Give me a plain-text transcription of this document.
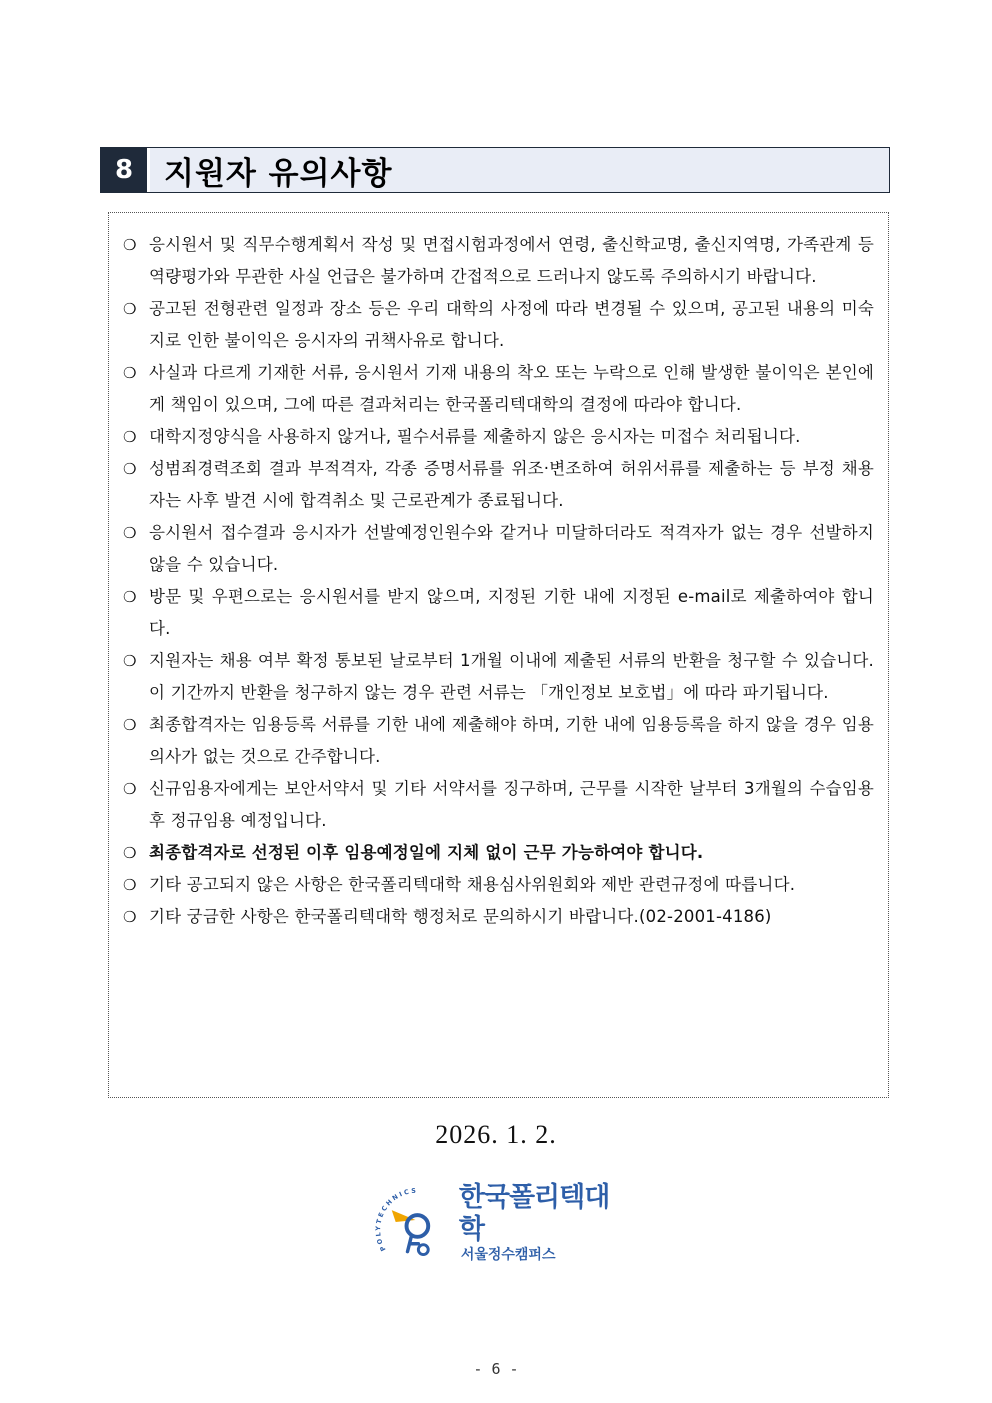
8 지원자 유의사항
❍ 응시원서 및 직무수행계획서 작성 및 면접시험과정에서 연령, 출신학교명, 출신지역명, 가족관계 등 역량평가와 무관한 사실 언급은 불가하며 간접적으로 드러나지 않도록 주의하시기 바랍니다.
❍ 공고된 전형관련 일정과 장소 등은 우리 대학의 사정에 따라 변경될 수 있으며, 공고된 내용의 미숙지로 인한 불이익은 응시자의 귀책사유로 합니다.
❍ 사실과 다르게 기재한 서류, 응시원서 기재 내용의 착오 또는 누락으로 인해 발생한 불이익은 본인에게 책임이 있으며, 그에 따른 결과처리는 한국폴리텍대학의 결정에 따라야 합니다.
❍ 대학지정양식을 사용하지 않거나, 필수서류를 제출하지 않은 응시자는 미접수 처리됩니다.
❍ 성범죄경력조회 결과 부적격자, 각종 증명서류를 위조·변조하여 허위서류를 제출하는 등 부정 채용자는 사후 발견 시에 합격취소 및 근로관계가 종료됩니다.
❍ 응시원서 접수결과 응시자가 선발예정인원수와 같거나 미달하더라도 적격자가 없는 경우 선발하지 않을 수 있습니다.
❍ 방문 및 우편으로는 응시원서를 받지 않으며, 지정된 기한 내에 지정된 e-mail로 제출하여야 합니다.
❍ 지원자는 채용 여부 확정 통보된 날로부터 1개월 이내에 제출된 서류의 반환을 청구할 수 있습니다. 이 기간까지 반환을 청구하지 않는 경우 관련 서류는 「개인정보 보호법」에 따라 파기됩니다.
❍ 최종합격자는 임용등록 서류를 기한 내에 제출해야 하며, 기한 내에 임용등록을 하지 않을 경우 임용 의사가 없는 것으로 간주합니다.
❍ 신규임용자에게는 보안서약서 및 기타 서약서를 징구하며, 근무를 시작한 날부터 3개월의 수습임용 후 정규임용 예정입니다.
❍ 최종합격자로 선정된 이후 임용예정일에 지체 없이 근무 가능하여야 합니다.
❍ 기타 공고되지 않은 사항은 한국폴리텍대학 채용심사위원회와 제반 관련규정에 따릅니다.
❍ 기타 궁금한 사항은 한국폴리텍대학 행정처로 문의하시기 바랍니다.(02-2001-4186)
2026. 1. 2.
POLYTECHNICS 한국폴리텍대학
서울정수캠퍼스
- 6 -
